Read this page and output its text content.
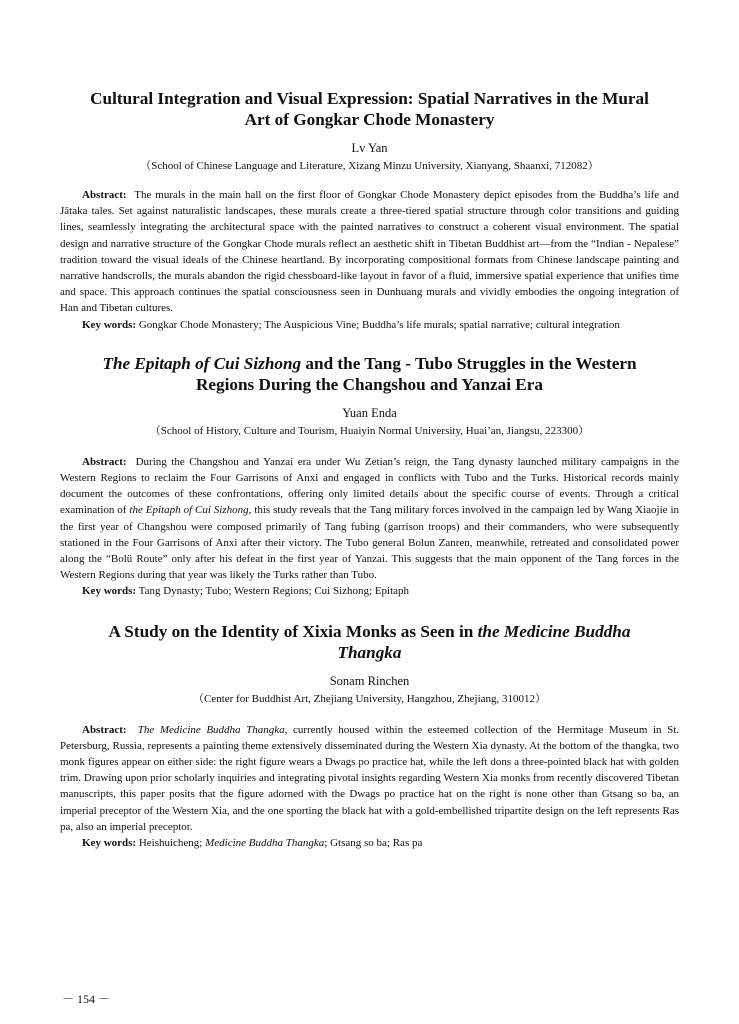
Cultural Integration and Visual Expression: Spatial Narratives in the Mural
Art of Gongkar Chode Monastery

Lv Yan

（School of Chinese Language and Literature, Xizang Minzu University, Xianyang, Shaanxi, 712082）

Abstract: The murals in the main hall on the first floor of Gongkar Chode Monastery depict episodes from the Buddha’s life and Jātaka tales. Set against naturalistic landscapes, these murals create a three-tiered spatial structure through color transitions and guiding lines, seamlessly integrating the architectural space with the painted narratives to construct a coherent visual environment. The spatial design and narrative structure of the Gongkar Chode murals reflect an aesthetic shift in Tibetan Buddhist art—from the “Indian - Nepalese” tradition toward the visual ideals of the Chinese heartland. By incorporating compositional formats from Chinese landscape painting and narrative handscrolls, the murals abandon the rigid chessboard-like layout in favor of a fluid, immersive spatial experience that unifies time and space. This approach continues the spatial consciousness seen in Dunhuang murals and vividly embodies the ongoing integration of Han and Tibetan cultures.

Key words: Gongkar Chode Monastery; The Auspicious Vine; Buddha’s life murals; spatial narrative; cultural integration

The Epitaph of Cui Sizhong and the Tang - Tubo Struggles in the Western
Regions During the Changshou and Yanzai Era

Yuan Enda

（School of History, Culture and Tourism, Huaiyin Normal University, Huai’an, Jiangsu, 223300）

Abstract: During the Changshou and Yanzai era under Wu Zetian’s reign, the Tang dynasty launched military campaigns in the Western Regions to reclaim the Four Garrisons of Anxi and engaged in conflicts with Tubo and the Turks. Historical records mainly document the outcomes of these confrontations, offering only limited details about the specific course of events. Through a critical examination of the Epitaph of Cui Sizhong, this study reveals that the Tang military forces involved in the campaign led by Wang Xiaojie in the first year of Changshou were composed primarily of Tang fubing (garrison troops) and their commanders, who were subsequently stationed in the Four Garrisons of Anxi after their victory. The Tubo general Bolun Zanren, meanwhile, retreated and consolidated power along the “Bolü Route” only after his defeat in the first year of Yanzai. This suggests that the main opponent of the Tang forces in the Western Regions during that year was likely the Turks rather than Tubo.

Key words: Tang Dynasty; Tubo; Western Regions; Cui Sizhong; Epitaph

A Study on the Identity of Xixia Monks as Seen in the Medicine Buddha
Thangka

Sonam Rinchen

（Center for Buddhist Art, Zhejiang University, Hangzhou, Zhejiang, 310012）

Abstract: The Medicine Buddha Thangka, currently housed within the esteemed collection of the Hermitage Museum in St. Petersburg, Russia, represents a painting theme extensively disseminated during the Western Xia dynasty. At the bottom of the thangka, two monk figures appear on either side: the right figure wears a Dwags po practice hat, while the left dons a three-pointed black hat with golden trim. Drawing upon prior scholarly inquiries and integrating pivotal insights regarding Western Xia monks from recently discovered Tibetan manuscripts, this paper posits that the figure adorned with the Dwags po practice hat on the right is none other than Gtsang so ba, an imperial preceptor of the Western Xia, and the one sporting the black hat with a gold-embellished tripartite design on the left represents Ras pa, also an imperial preceptor.

Key words: Heishuicheng; Medicine Buddha Thangka; Gtsang so ba; Ras pa

－ 154 －
